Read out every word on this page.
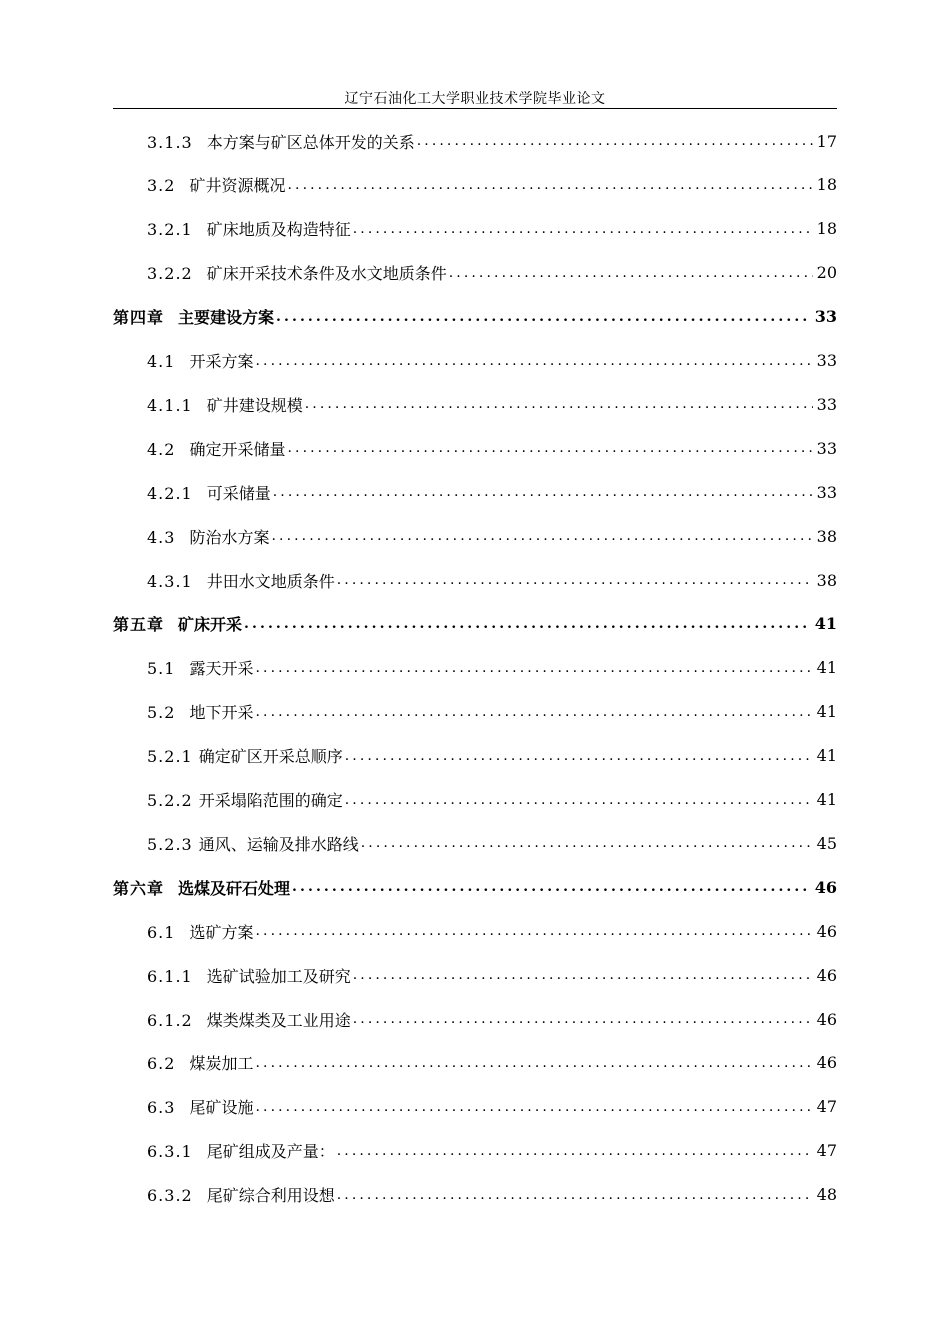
辽宁石油化工大学职业技术学院毕业论文
3.1.3 本方案与矿区总体开发的关系 .....	17
3.2 矿井资源概况 .....	18
3.2.1 矿床地质及构造特征 .....	18
3.2.2 矿床开采技术条件及水文地质条件 .....	20
第四章 主要建设方案 .....	33
4.1 开采方案 .....	33
4.1.1 矿井建设规模 .....	33
4.2 确定开采储量 .....	33
4.2.1 可采储量 .....	33
4.3 防治水方案 .....	38
4.3.1 井田水文地质条件 .....	38
第五章 矿床开采 .....	41
5.1 露天开采 .....	41
5.2 地下开采 .....	41
5.2.1 确定矿区开采总顺序 .....	41
5.2.2 开采塌陷范围的确定 .....	41
5.2.3 通风、运输及排水路线 .....	45
第六章 选煤及矸石处理 .....	46
6.1 选矿方案 .....	46
6.1.1 选矿试验加工及研究 .....	46
6.1.2 煤类煤类及工业用途 .....	46
6.2 煤炭加工 .....	46
6.3 尾矿设施 .....	47
6.3.1 尾矿组成及产量： .....	47
6.3.2 尾矿综合利用设想 .....	48
